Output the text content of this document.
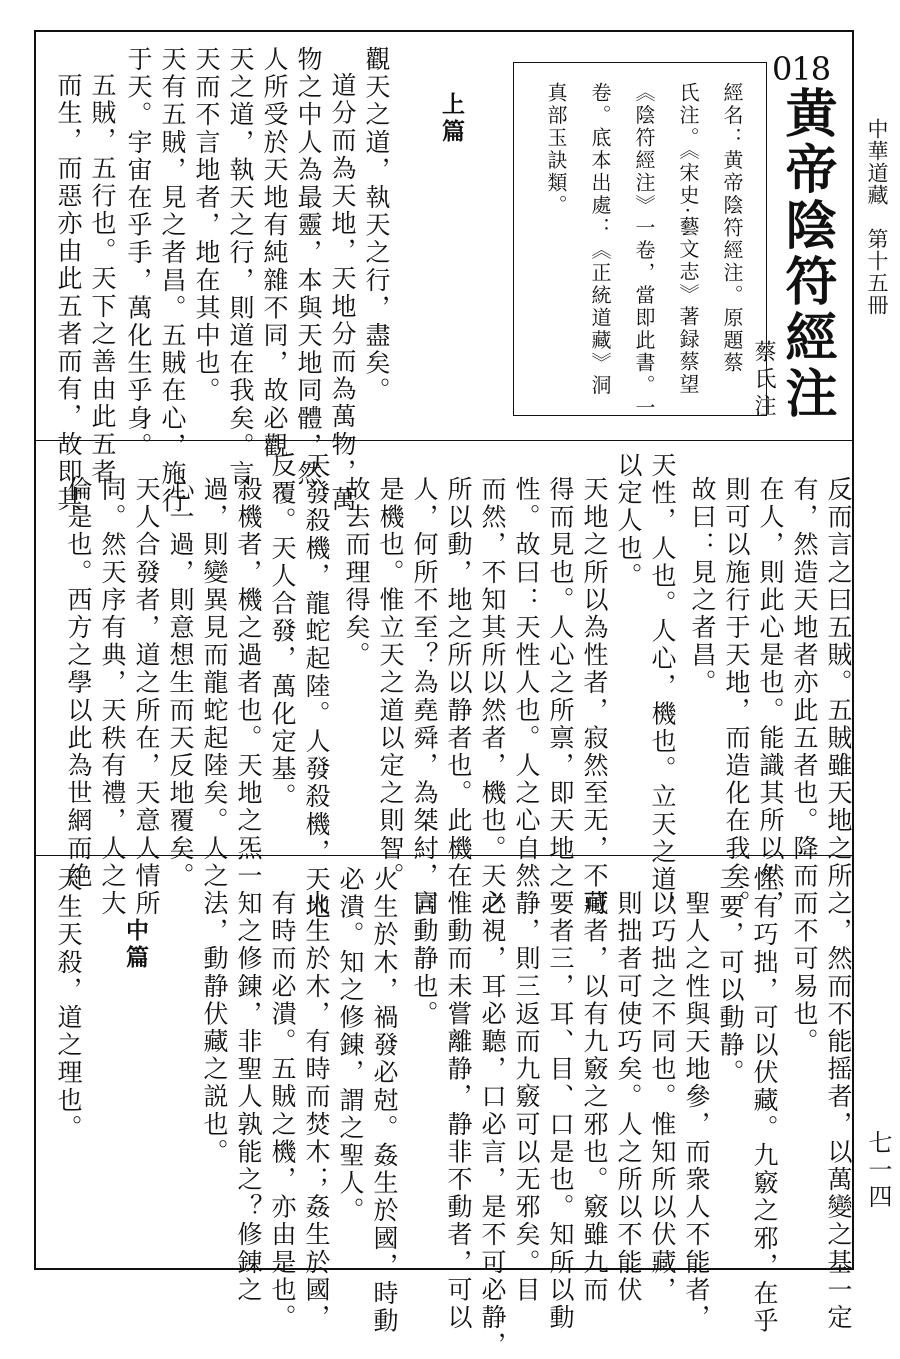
中華道藏
第十五冊
七一四
018
黄帝陰符經注
蔡氏注
經名：黄帝陰符經注。原題蔡
氏注。《宋史·藝文志》著録蔡望
《陰符經注》一卷，當即此書。一
卷。底本出處：《正統道藏》洞
真部玉訣類。
上篇
觀天之道，執天之行，盡矣。
道分而為天地，天地分而為萬物，萬
物之中人為最靈，本與天地同體，然
人所受於天地有純雜不同，故必觀
天之道，執天之行，則道在我矣。言
天而不言地者，地在其中也。
天有五賊，見之者昌。五賊在心，施行
于天。宇宙在乎手，萬化生乎身。
五賊，五行也。天下之善由此五者
而生，而惡亦由此五者而有，故即其
反而言之曰五賊。五賊雖天地之所
有，然造天地者亦此五者也。降而
在人，則此心是也。能識其所以然，
則可以施行于天地，而造化在我矣。
故曰：見之者昌。
天性，人也。人心，機也。立天之道，
以定人也。
天地之所以為性者，寂然至无，不可
得而見也。人心之所禀，即天地之
性。故曰：天性人也。人之心自然
而然，不知其所以然者，機也。天之
所以動，地之所以静者也。此機在
人，何所不至？為堯舜，為桀紂，同
是機也。惟立天之道以定之則智。
故去而理得矣。
天發殺機，龍蛇起陸。人發殺機，天地
反覆。天人合發，萬化定基。
殺機者，機之過者也。天地之炁一
過，則變異見而龍蛇起陸矣。人之
心一過，則意想生而天反地覆矣。
天人合發者，道之所在，天意人情所
同。然天序有典，天秩有禮，人之大
倫是也。西方之學以此為世網而絶
之，然而不能摇者，以萬變之基一定
而不可易也。
性有巧拙，可以伏藏。九竅之邪，在乎
三要，可以動静。
聖人之性與天地參，而衆人不能者，
以巧拙之不同也。惟知所以伏藏，
則拙者可使巧矣。人之所以不能伏
藏者，以有九竅之邪也。竅雖九而
要者三，耳、目、口是也。知所以動
静，則三返而九竅可以无邪矣。目
必視，耳必聽，口必言，是不可必静，
惟動而未嘗離静，静非不動者，可以
言動静也。
火生於木，禍發必尅。姦生於國，時動
必潰。知之修錬，謂之聖人。
火生於木，有時而焚木；姦生於國，
有時而必潰。五賊之機，亦由是也。
知之修錬，非聖人孰能之？修錬之
法，動静伏藏之説也。
中篇
天生天殺，道之理也。
